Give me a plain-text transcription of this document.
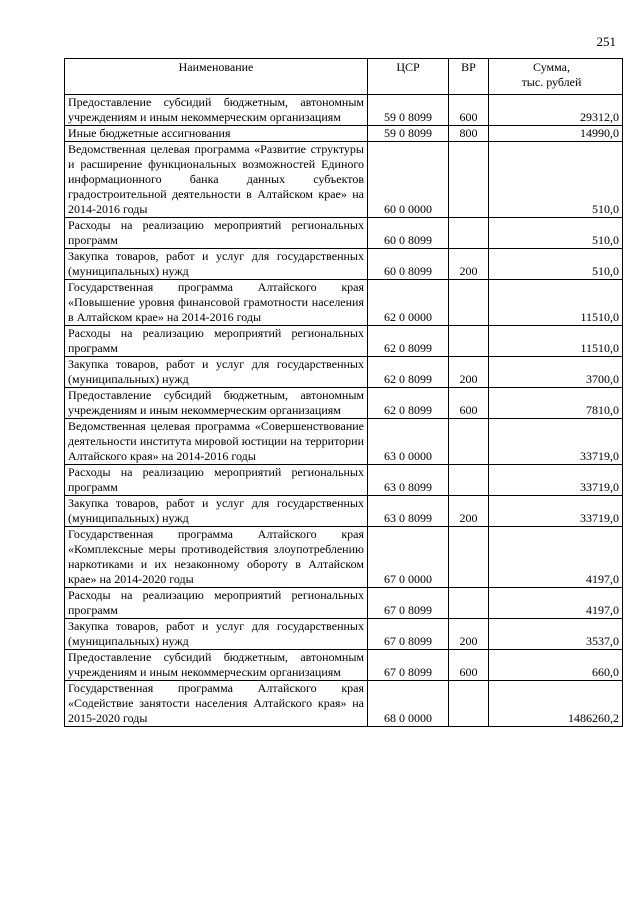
251
Наименование	ЦСР	ВР	Сумма,
тыс. рублей

Предоставление субсидий бюджетным, автономным учреждениям и иным некоммерческим организациям	59 0 8099	600	29312,0
Иные бюджетные ассигнования	59 0 8099	800	14990,0
Ведомственная целевая программа «Развитие структуры и расширение функциональных возможностей Единого информационного банка данных субъектов градостроительной деятельности в Алтайском крае» на 2014-2016 годы	60 0 0000		510,0
Расходы на реализацию мероприятий региональных программ	60 0 8099		510,0
Закупка товаров, работ и услуг для государственных (муниципальных) нужд	60 0 8099	200	510,0
Государственная программа Алтайского края «Повышение уровня финансовой грамотности населения в Алтайском крае» на 2014-2016 годы	62 0 0000		11510,0
Расходы на реализацию мероприятий региональных программ	62 0 8099		11510,0
Закупка товаров, работ и услуг для государственных (муниципальных) нужд	62 0 8099	200	3700,0
Предоставление субсидий бюджетным, автономным учреждениям и иным некоммерческим организациям	62 0 8099	600	7810,0
Ведомственная целевая программа «Совершенствование деятельности института мировой юстиции на территории Алтайского края» на 2014-2016 годы	63 0 0000		33719,0
Расходы на реализацию мероприятий региональных программ	63 0 8099		33719,0
Закупка товаров, работ и услуг для государственных (муниципальных) нужд	63 0 8099	200	33719,0
Государственная программа Алтайского края «Комплексные меры противодействия злоупотреблению наркотиками и их незаконному обороту в Алтайском крае» на 2014-2020 годы	67 0 0000		4197,0
Расходы на реализацию мероприятий региональных программ	67 0 8099		4197,0
Закупка товаров, работ и услуг для государственных (муниципальных) нужд	67 0 8099	200	3537,0
Предоставление субсидий бюджетным, автономным учреждениям и иным некоммерческим организациям	67 0 8099	600	660,0
Государственная программа Алтайского края «Содействие занятости населения Алтайского края» на 2015-2020 годы	68 0 0000		1486260,2
